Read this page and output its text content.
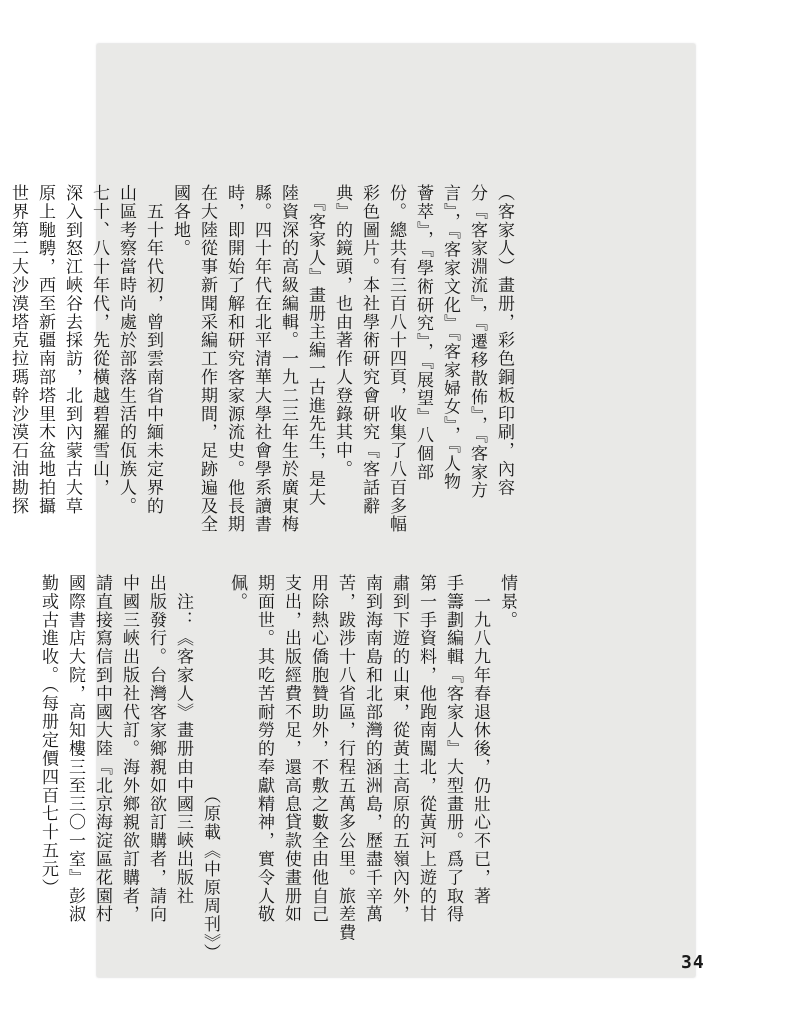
（客家人）畫册，彩色銅板印刷，內容
分『客家淵流』，『遷移散佈』，『客家方
言』，『客家文化』『客家婦女』，『人物
薈萃』，『學術研究』，『展望』八個部
份。總共有三百八十四頁，收集了八百多幅
彩色圖片。本社學術研究會研究『客話辭
典』的鏡頭，也由著作人登錄其中。
　『客家人』畫册主編一古進先生，是大
陸資深的高級編輯。一九二三年生於廣東梅
縣。四十年代在北平清華大學社會學系讀書
時，即開始了解和研究客家源流史。他長期
在大陸從事新聞采編工作期間，足跡遍及全
國各地。
　五十年代初，曾到雲南省中緬未定界的
山區考察當時尚處於部落生活的佤族人。
七十、八十年代，先從橫越碧羅雪山，
深入到怒江峽谷去採訪，北到內蒙古大草
原上馳騁，西至新疆南部塔里木盆地拍攝
世界第二大沙漠塔克拉瑪幹沙漠石油勘探

情景。
　一九八九年春退休後，仍壯心不已，著
手籌劃編輯『客家人』大型畫册。爲了取得
第一手資料，他跑南闖北，從黃河上遊的甘
肅到下遊的山東，從黃土高原的五嶺內外，
南到海南島和北部灣的涵洲島，歷盡千辛萬
苦，跋涉十八省區，行程五萬多公里。旅差費
用除熱心僑胞贊助外，不敷之數全由他自己
支出，出版經費不足，還高息貸款使畫册如
期面世。其吃苦耐勞的奉獻精神，實令人敬
佩。
　　　　　　　　　　　　（原載《中原周刊》）
　注：《客家人》畫册由中國三峽出版社
出版發行。台灣客家鄉親如欲訂購者，請向
中國三峽出版社代訂。海外鄉親欲訂購者，
請直接寫信到中國大陸『北京海淀區花園村
國際書店大院，高知樓三至三〇一室』彭淑
勤或古進收。（每册定價四百七十五元）

34
